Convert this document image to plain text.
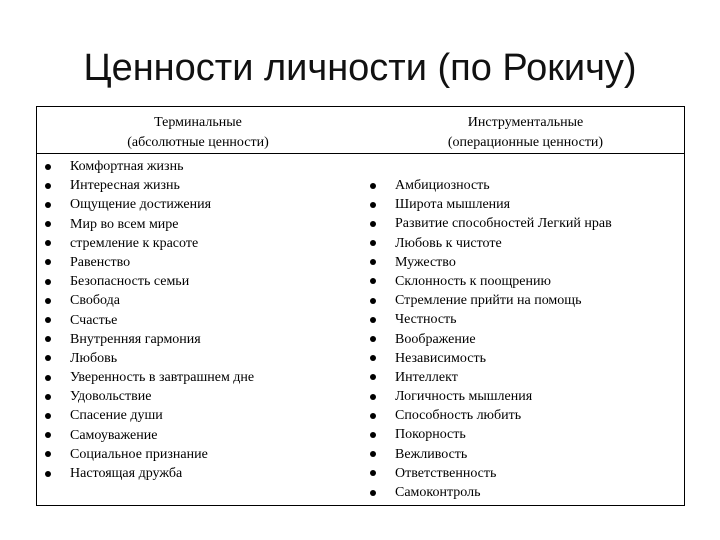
Ценности личности (по Рокичу)
Терминальные
(абсолютные ценности)
Инструментальные
(операционные ценности)
Комфортная жизнь
Интересная жизнь
Ощущение достижения
Мир во всем мире
стремление к красоте
Равенство
Безопасность семьи
Свобода
Счастье
Внутренняя гармония
Любовь
Уверенность в завтрашнем дне
Удовольствие
Спасение души
Самоуважение
Социальное признание
Настоящая дружба
Амбициозность
Широта мышления
Развитие способностей Легкий нрав
Любовь к чистоте
Мужество
Склонность к поощрению
Стремление прийти на помощь
Честность
Воображение
Независимость
Интеллект
Логичность мышления
Способность любить
Покорность
Вежливость
Ответственность
Самоконтроль
